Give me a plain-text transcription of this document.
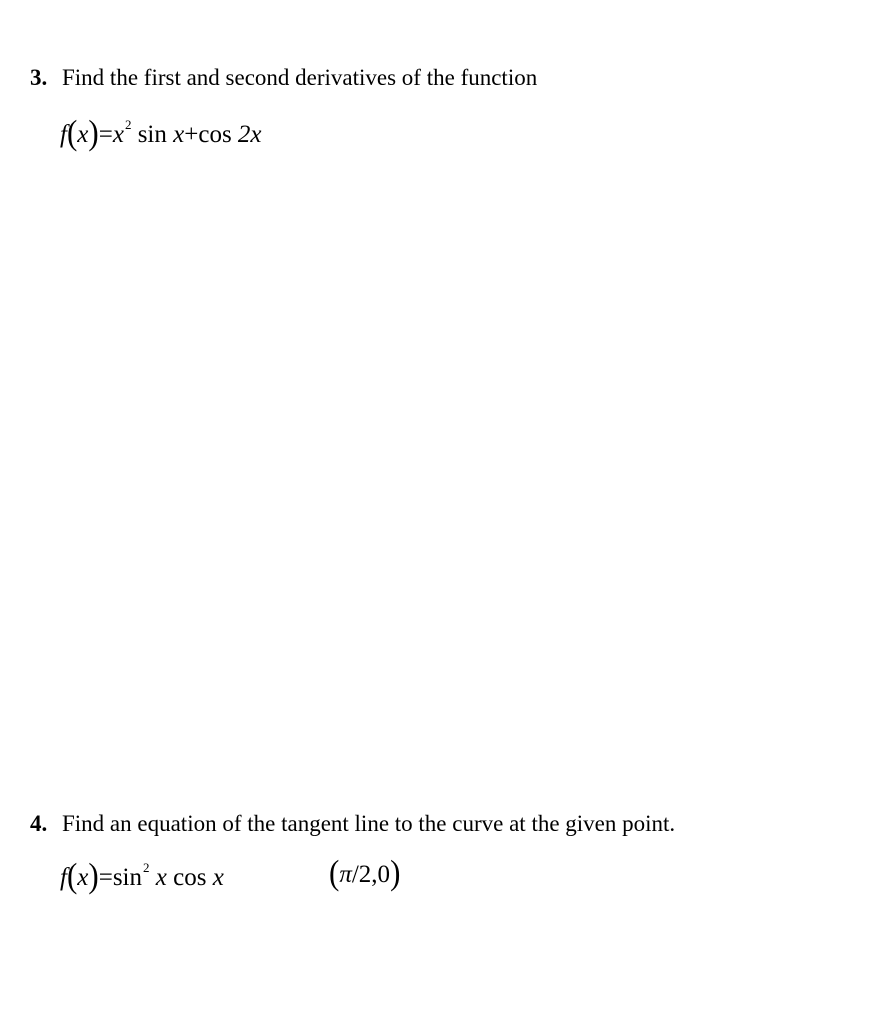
3. Find the first and second derivatives of the function
$f(x)=x^2$ sin x+cos 2x
4. Find an equation of the tangent line to the curve at the given point.
$f(x)=\sin^2$ x cos x	(π/2,0)
